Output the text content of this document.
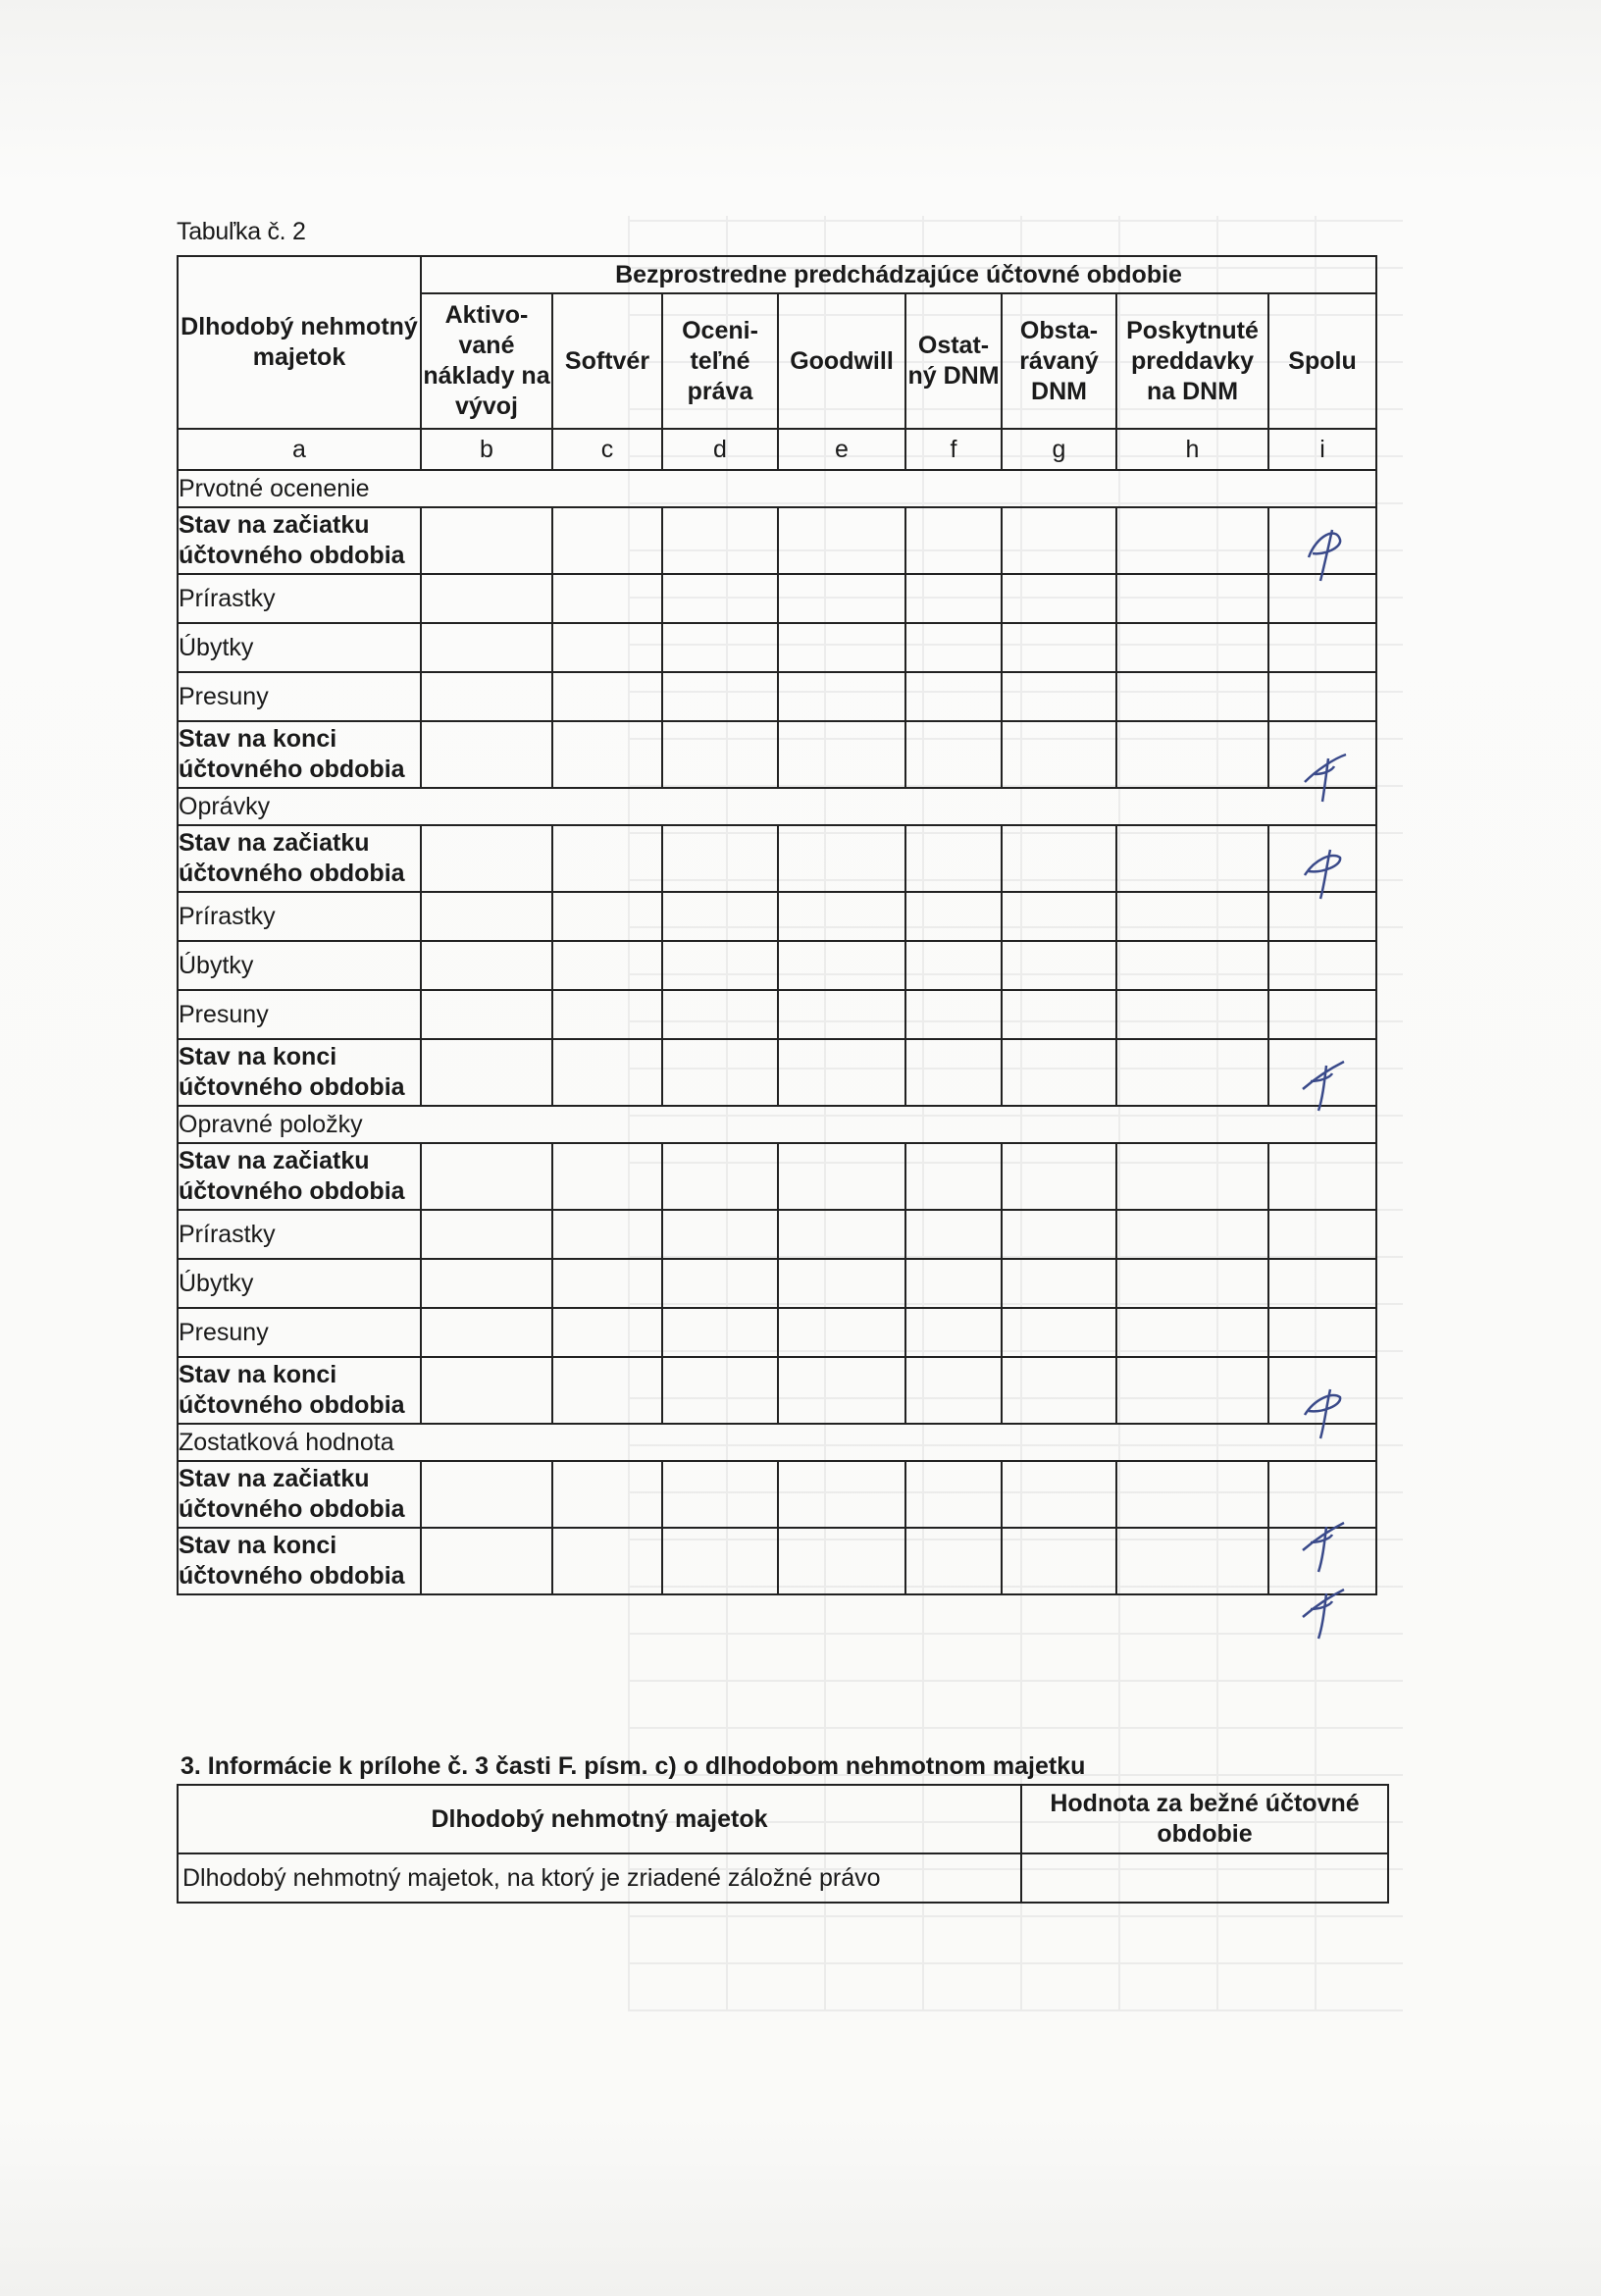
Tabuľka č. 2
Dlhodobý nehmotný majetok	Bezprostredne predchádzajúce účtovné obdobie							
	Aktivo-vané náklady na vývoj	Softvér	Oceni-teľné práva	Goodwill	Ostat-ný DNM	Obsta-rávaný DNM	Poskytnuté preddavky na DNM	Spolu
a	b	c	d	e	f	g	h	i
Prvotné ocenenie								
Stav na začiatku účtovného obdobia								
Prírastky								
Úbytky								
Presuny								
Stav na konci účtovného obdobia								
Oprávky								
Stav na začiatku účtovného obdobia								
Prírastky								
Úbytky								
Presuny								
Stav na konci účtovného obdobia								
Opravné položky								
Stav na začiatku účtovného obdobia								
Prírastky								
Úbytky								
Presuny								
Stav na konci účtovného obdobia								
Zostatková hodnota								
Stav na začiatku účtovného obdobia								
Stav na konci účtovného obdobia								
3. Informácie k prílohe č. 3 časti F. písm. c) o dlhodobom nehmotnom majetku
Dlhodobý nehmotný majetok	Hodnota za bežné účtovné obdobie
Dlhodobý nehmotný majetok, na ktorý je zriadené záložné právo	
